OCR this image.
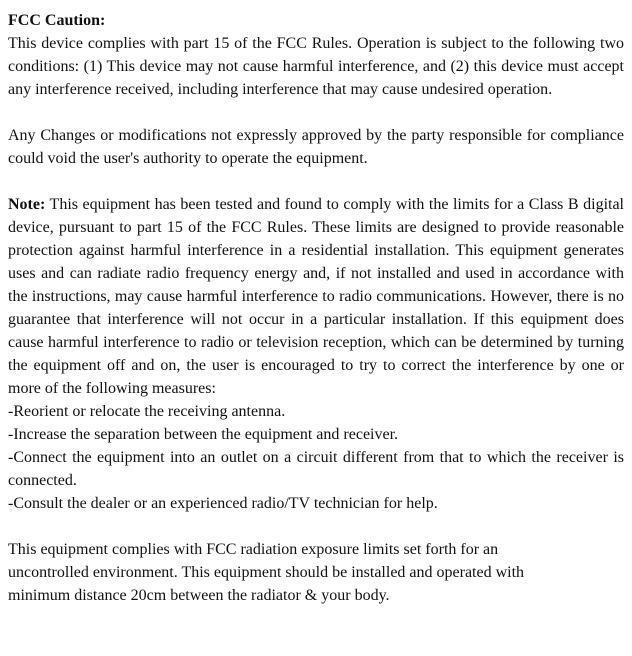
FCC Caution:

This device complies with part 15 of the FCC Rules. Operation is subject to the following two conditions: (1) This device may not cause harmful interference, and (2) this device must accept any interference received, including interference that may cause undesired operation.

Any Changes or modifications not expressly approved by the party responsible for compliance could void the user's authority to operate the equipment.

Note: This equipment has been tested and found to comply with the limits for a Class B digital device, pursuant to part 15 of the FCC Rules. These limits are designed to provide reasonable protection against harmful interference in a residential installation. This equipment generates uses and can radiate radio frequency energy and, if not installed and used in accordance with the instructions, may cause harmful interference to radio communications. However, there is no guarantee that interference will not occur in a particular installation. If this equipment does cause harmful interference to radio or television reception, which can be determined by turning the equipment off and on, the user is encouraged to try to correct the interference by one or more of the following measures:

-Reorient or relocate the receiving antenna.

-Increase the separation between the equipment and receiver.

-Connect the equipment into an outlet on a circuit different from that to which the receiver is connected.

-Consult the dealer or an experienced radio/TV technician for help.

This equipment complies with FCC radiation exposure limits set forth for an
uncontrolled environment. This equipment should be installed and operated with
minimum distance 20cm between the radiator & your body.
